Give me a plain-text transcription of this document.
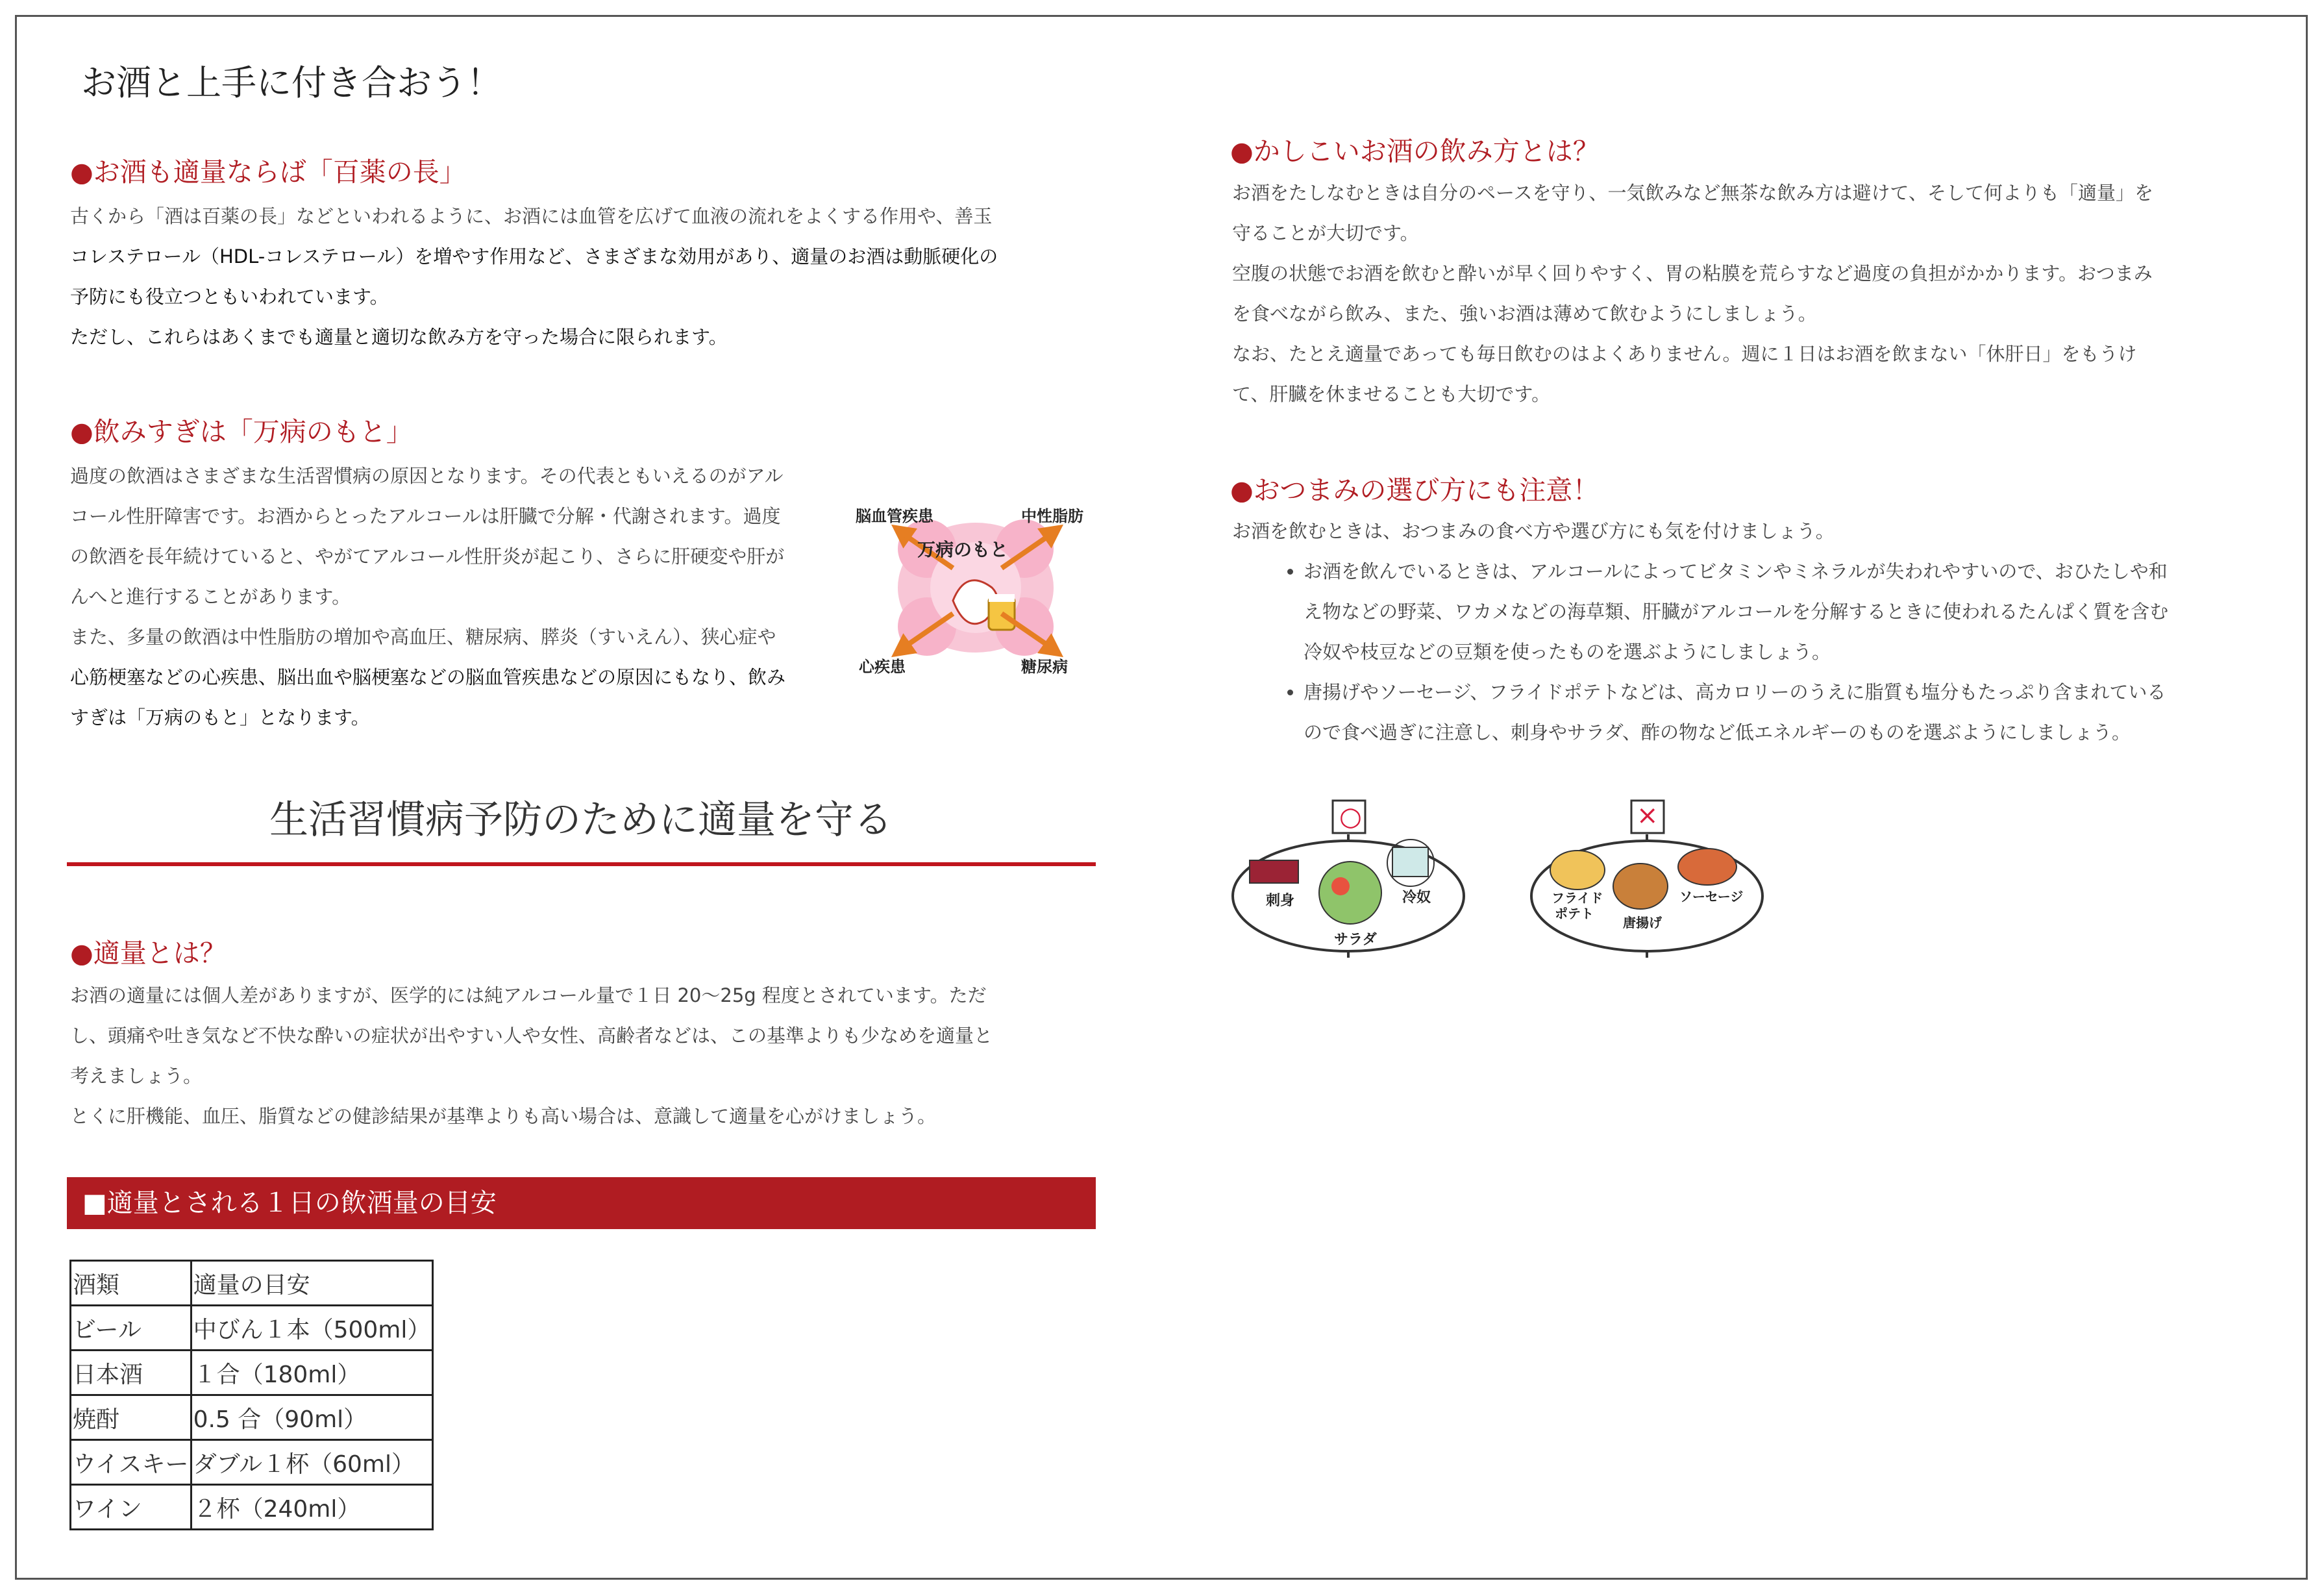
お酒と上手に付き合おう！
●お酒も適量ならば「百薬の長」
古くから「酒は百薬の長」などといわれるように、お酒には血管を広げて血液の流れをよくする作用や、善玉
コレステロール（HDL-コレステロール）を増やす作用など、さまざまな効用があり、適量のお酒は動脈硬化の
予防にも役立つともいわれています。
ただし、これらはあくまでも適量と適切な飲み方を守った場合に限られます。
●飲みすぎは「万病のもと」
過度の飲酒はさまざまな生活習慣病の原因となります。その代表ともいえるのがアル
コール性肝障害です。お酒からとったアルコールは肝臓で分解・代謝されます。過度
の飲酒を長年続けていると、やがてアルコール性肝炎が起こり、さらに肝硬変や肝が
んへと進行することがあります。
また、多量の飲酒は中性脂肪の増加や高血圧、糖尿病、膵炎（すいえん）、狭心症や
心筋梗塞などの心疾患、脳出血や脳梗塞などの脳血管疾患などの原因にもなり、飲み
すぎは「万病のもと」となります。
万病のもと
脳血管疾患	中性脂肪
心疾患	糖尿病
生活習慣病予防のために適量を守る
●適量とは？
お酒の適量には個人差がありますが、医学的には純アルコール量で１日 20～25g 程度とされています。ただ
し、頭痛や吐き気など不快な酔いの症状が出やすい人や女性、高齢者などは、この基準よりも少なめを適量と
考えましょう。
とくに肝機能、血圧、脂質などの健診結果が基準よりも高い場合は、意識して適量を心がけましょう。
■適量とされる１日の飲酒量の目安
酒類	適量の目安
ビール	中びん１本（500ml）
日本酒	１合（180ml）
焼酎	0.5 合（90ml）
ウイスキー	ダブル１杯（60ml）
ワイン	２杯（240ml）
●かしこいお酒の飲み方とは？
お酒をたしなむときは自分のペースを守り、一気飲みなど無茶な飲み方は避けて、そして何よりも「適量」を
守ることが大切です。
空腹の状態でお酒を飲むと酔いが早く回りやすく、胃の粘膜を荒らすなど過度の負担がかかります。おつまみ
を食べながら飲み、また、強いお酒は薄めて飲むようにしましょう。
なお、たとえ適量であっても毎日飲むのはよくありません。週に１日はお酒を飲まない「休肝日」をもうけ
て、肝臓を休ませることも大切です。
●おつまみの選び方にも注意！
お酒を飲むときは、おつまみの食べ方や選び方にも気を付けましょう。
• お酒を飲んでいるときは、アルコールによってビタミンやミネラルが失われやすいので、おひたしや和
え物などの野菜、ワカメなどの海草類、肝臓がアルコールを分解するときに使われるたんぱく質を含む
冷奴や枝豆などの豆類を使ったものを選ぶようにしましょう。
• 唐揚げやソーセージ、フライドポテトなどは、高カロリーのうえに脂質も塩分もたっぷり含まれている
ので食べ過ぎに注意し、刺身やサラダ、酢の物など低エネルギーのものを選ぶようにしましょう。
○
刺身	冷奴
サラダ
×
フライド
ポテト
ソーセージ
唐揚げ
